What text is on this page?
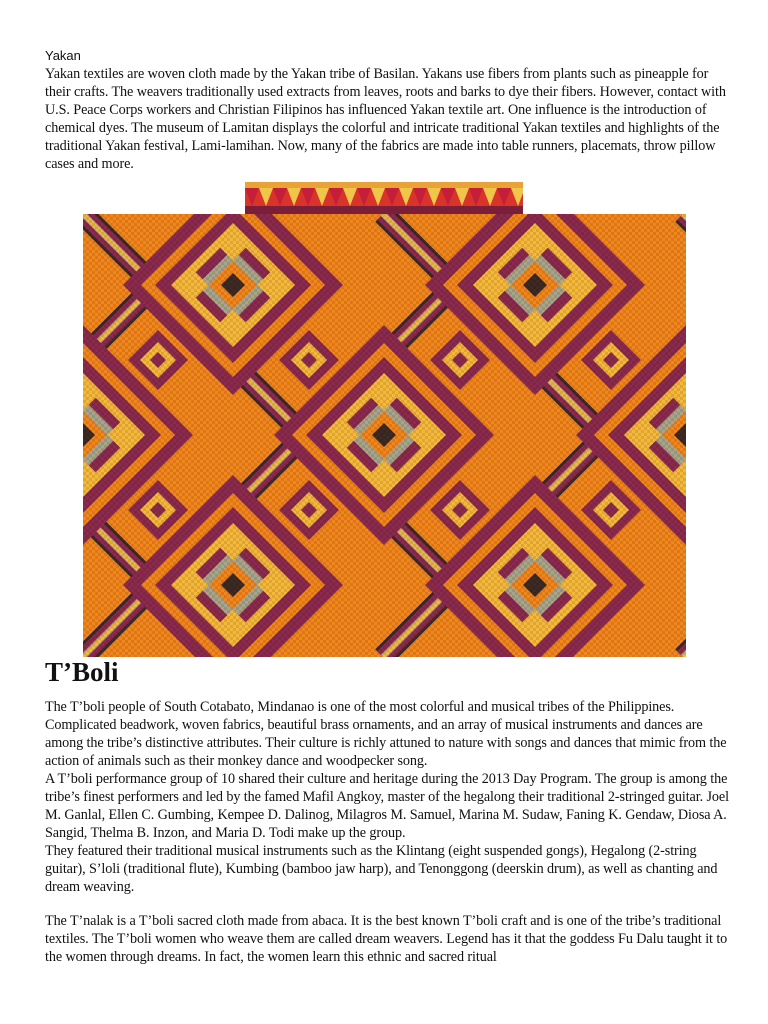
Yakan
Yakan textiles are woven cloth made by the Yakan tribe of Basilan. Yakans use fibers from plants such as pineapple for their crafts. The weavers traditionally used extracts from leaves, roots and barks to dye their fibers. However, contact with U.S. Peace Corps workers and Christian Filipinos has influenced Yakan textile art. One influence is the introduction of chemical dyes. The museum of Lamitan displays the colorful and intricate traditional Yakan textiles and highlights of the traditional Yakan festival, Lami-lamihan. Now, many of the fabrics are made into table runners, placemats, throw pillow cases and more.
T’Boli

The T’boli people of South Cotabato, Mindanao is one of the most colorful and musical tribes of the Philippines. Complicated beadwork, woven fabrics, beautiful brass ornaments, and an array of musical instruments and dances are among the tribe’s distinctive attributes. Their culture is richly attuned to nature with songs and dances that mimic from the action of animals such as their monkey dance and woodpecker song.

A T’boli performance group of 10 shared their culture and heritage during the 2013 Day Program. The group is among the tribe’s finest performers and led by the famed Mafil Angkoy, master of the hegalong their traditional 2-stringed guitar. Joel M. Ganlal, Ellen C. Gumbing, Kempee D. Dalinog, Milagros M. Samuel, Marina M. Sudaw, Faning K. Gendaw, Diosa A. Sangid, Thelma B. Inzon, and Maria D. Todi make up the group.

They featured their traditional musical instruments such as the Klintang (eight suspended gongs), Hegalong (2-string guitar), S’loli (traditional flute), Kumbing (bamboo jaw harp), and Tenonggong (deerskin drum), as well as chanting and dream weaving.

The T’nalak is a T’boli sacred cloth made from abaca. It is the best known T’boli craft and is one of the tribe’s traditional textiles. The T’boli women who weave them are called dream weavers. Legend has it that the goddess Fu Dalu taught it to the women through dreams. In fact, the women learn this ethnic and sacred ritual
